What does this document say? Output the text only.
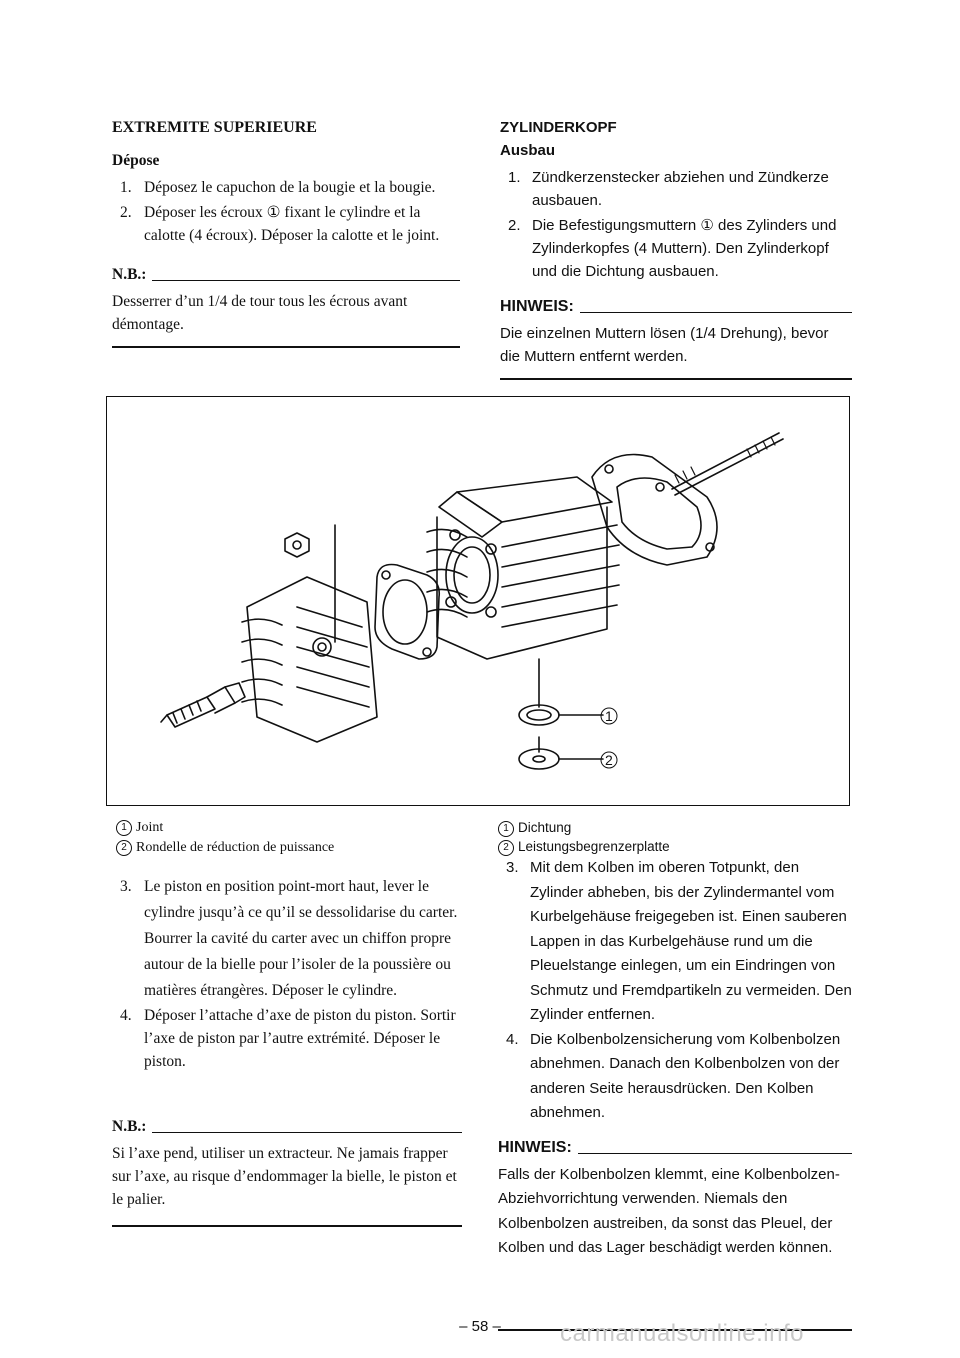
EXTREMITE SUPERIEURE

Dépose

1. Déposez le capuchon de la bougie et la bougie.

2. Déposer les écroux ① fixant le cylindre et la calotte (4 écroux). Déposer la calotte et le joint.

N.B.:

Desserrer d’un 1/4 de tour tous les écrous avant démontage.

ZYLINDERKOPF

Ausbau

1. Zündkerzenstecker abziehen und Zündkerze ausbauen.

2. Die Befestigungsmuttern ① des Zylinders und Zylinderkopfes (4 Muttern). Den Zylinderkopf und die Dichtung ausbauen.

HINWEIS:

Die einzelnen Muttern lösen (1/4 Drehung), bevor die Muttern entfernt werden.

1
2

1 Joint

2 Rondelle de réduction de puissance

3. Le piston en position point-mort haut, lever le cylindre jusqu’à ce qu’il se dessolidarise du carter. Bourrer la cavité du carter avec un chiffon propre autour de la bielle pour l’isoler de la poussière ou matières étrangères. Déposer le cylindre.

4. Déposer l’attache d’axe de piston du piston. Sortir l’axe de piston par l’autre extrémité. Déposer le piston.

N.B.:

Si l’axe pend, utiliser un extracteur. Ne jamais frapper sur l’axe, au risque d’endommager la bielle, le piston et le palier.

1 Dichtung

2 Leistungsbegrenzerplatte

3. Mit dem Kolben im oberen Totpunkt, den Zylinder abheben, bis der Zylindermantel vom Kurbelgehäuse freigegeben ist. Einen sauberen Lappen in das Kurbelgehäuse rund um die Pleuelstange einlegen, um ein Eindringen von Schmutz und Fremdpartikeln zu vermeiden. Den Zylinder entfernen.

4. Die Kolbenbolzensicherung vom Kolbenbolzen abnehmen. Danach den Kolbenbolzen von der anderen Seite herausdrücken. Den Kolben abnehmen.

HINWEIS:

Falls der Kolbenbolzen klemmt, eine Kolbenbolzen-Abziehvorrichtung verwenden. Niemals den Kolbenbolzen austreiben, da sonst das Pleuel, der Kolben und das Lager beschädigt werden können.

– 58 –	carmanualsonline.info
